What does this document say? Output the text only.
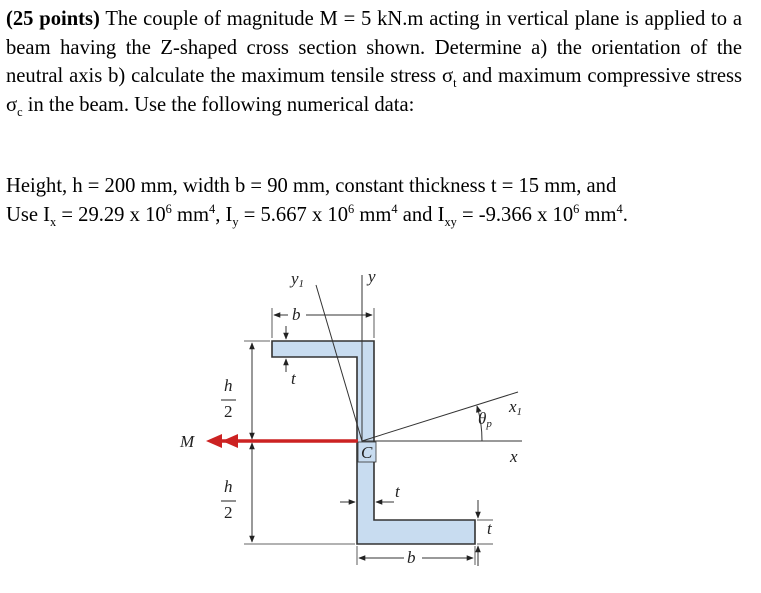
(25 points) The couple of magnitude M = 5 kN.m acting in vertical plane is applied to a beam having the Z-shaped cross section shown. Determine a) the orientation of the neutral axis b) calculate the maximum tensile stress $\sigma_t$ and maximum compressive stress $\sigma_c$ in the beam. Use the following numerical data:

Height, h = 200 mm, width b = 90 mm, constant thickness t = 15 mm, and
Use $I_x = 29.29$ x $10^6$ $mm^4$, $I_y = 5.667$ x $10^6$ $mm^4$ and $I_{xy} = -9.366$ x $10^6$ $mm^4$.

y1	y
b
t
h
2
M
C
θp
x1
x
h
2
t
t
b
